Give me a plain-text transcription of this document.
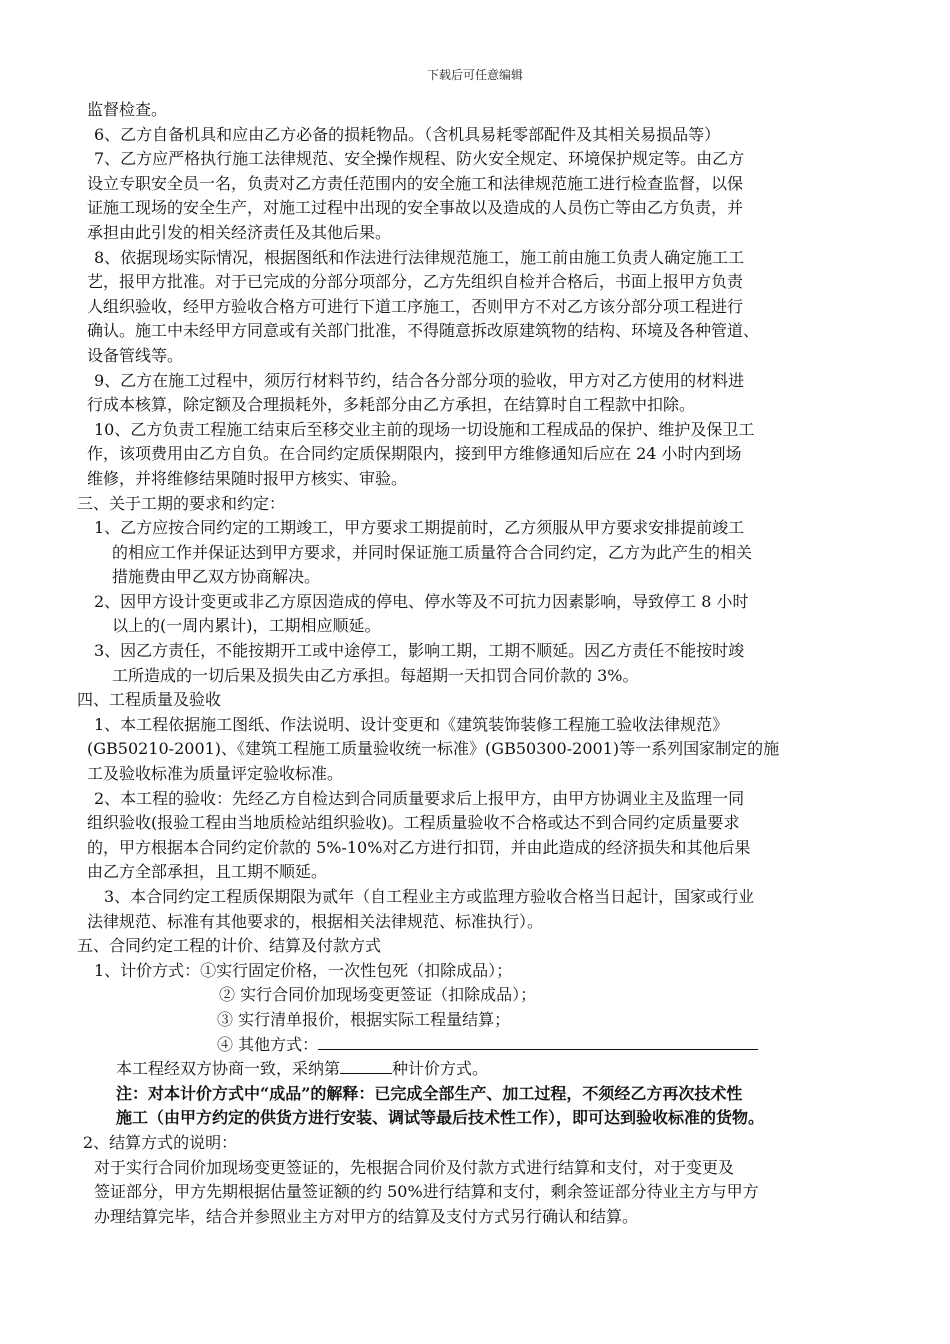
下载后可任意编辑
监督检查。
6、乙方自备机具和应由乙方必备的损耗物品。（含机具易耗零部配件及其相关易损品等）
7、乙方应严格执行施工法律规范、安全操作规程、防火安全规定、环境保护规定等。由乙方
设立专职安全员一名，负责对乙方责任范围内的安全施工和法律规范施工进行检查监督，以保
证施工现场的安全生产，对施工过程中出现的安全事故以及造成的人员伤亡等由乙方负责，并
承担由此引发的相关经济责任及其他后果。
8、依据现场实际情况，根据图纸和作法进行法律规范施工，施工前由施工负责人确定施工工
艺，报甲方批准。对于已完成的分部分项部分，乙方先组织自检并合格后，书面上报甲方负责
人组织验收，经甲方验收合格方可进行下道工序施工，否则甲方不对乙方该分部分项工程进行
确认。施工中未经甲方同意或有关部门批准，不得随意拆改原建筑物的结构、环境及各种管道、
设备管线等。
9、乙方在施工过程中，须厉行材料节约，结合各分部分项的验收，甲方对乙方使用的材料进
行成本核算，除定额及合理损耗外，多耗部分由乙方承担，在结算时自工程款中扣除。
10、乙方负责工程施工结束后至移交业主前的现场一切设施和工程成品的保护、维护及保卫工
作，该项费用由乙方自负。在合同约定质保期限内，接到甲方维修通知后应在 24 小时内到场
维修，并将维修结果随时报甲方核实、审验。
三、关于工期的要求和约定：
1、乙方应按合同约定的工期竣工，甲方要求工期提前时，乙方须服从甲方要求安排提前竣工
的相应工作并保证达到甲方要求，并同时保证施工质量符合合同约定，乙方为此产生的相关
措施费由甲乙双方协商解决。
2、因甲方设计变更或非乙方原因造成的停电、停水等及不可抗力因素影响，导致停工 8 小时
以上的(一周内累计)，工期相应顺延。
3、因乙方责任，不能按期开工或中途停工，影响工期，工期不顺延。因乙方责任不能按时竣
工所造成的一切后果及损失由乙方承担。每超期一天扣罚合同价款的 3%。
四、工程质量及验收
1、本工程依据施工图纸、作法说明、设计变更和《建筑装饰装修工程施工验收法律规范》
(GB50210-2001)、《建筑工程施工质量验收统一标准》(GB50300-2001)等一系列国家制定的施
工及验收标准为质量评定验收标准。
2、本工程的验收：先经乙方自检达到合同质量要求后上报甲方，由甲方协调业主及监理一同
组织验收(报验工程由当地质检站组织验收)。工程质量验收不合格或达不到合同约定质量要求
的，甲方根据本合同约定价款的 5%-10%对乙方进行扣罚，并由此造成的经济损失和其他后果
由乙方全部承担，且工期不顺延。
3、本合同约定工程质保期限为贰年（自工程业主方或监理方验收合格当日起计，国家或行业
法律规范、标准有其他要求的，根据相关法律规范、标准执行）。
五、合同约定工程的计价、结算及付款方式
1、计价方式：①实行固定价格，一次性包死（扣除成品）；
② 实行合同价加现场变更签证（扣除成品）；
③ 实行清单报价，根据实际工程量结算；
④ 其他方式：
本工程经双方协商一致，采纳第	种计价方式。
注：对本计价方式中“成品”的解释：已完成全部生产、加工过程，不须经乙方再次技术性
施工（由甲方约定的供货方进行安装、调试等最后技术性工作），即可达到验收标准的货物。
2、结算方式的说明：
对于实行合同价加现场变更签证的，先根据合同价及付款方式进行结算和支付，对于变更及
签证部分，甲方先期根据估量签证额的约 50%进行结算和支付，剩余签证部分待业主方与甲方
办理结算完毕，结合并参照业主方对甲方的结算及支付方式另行确认和结算。
